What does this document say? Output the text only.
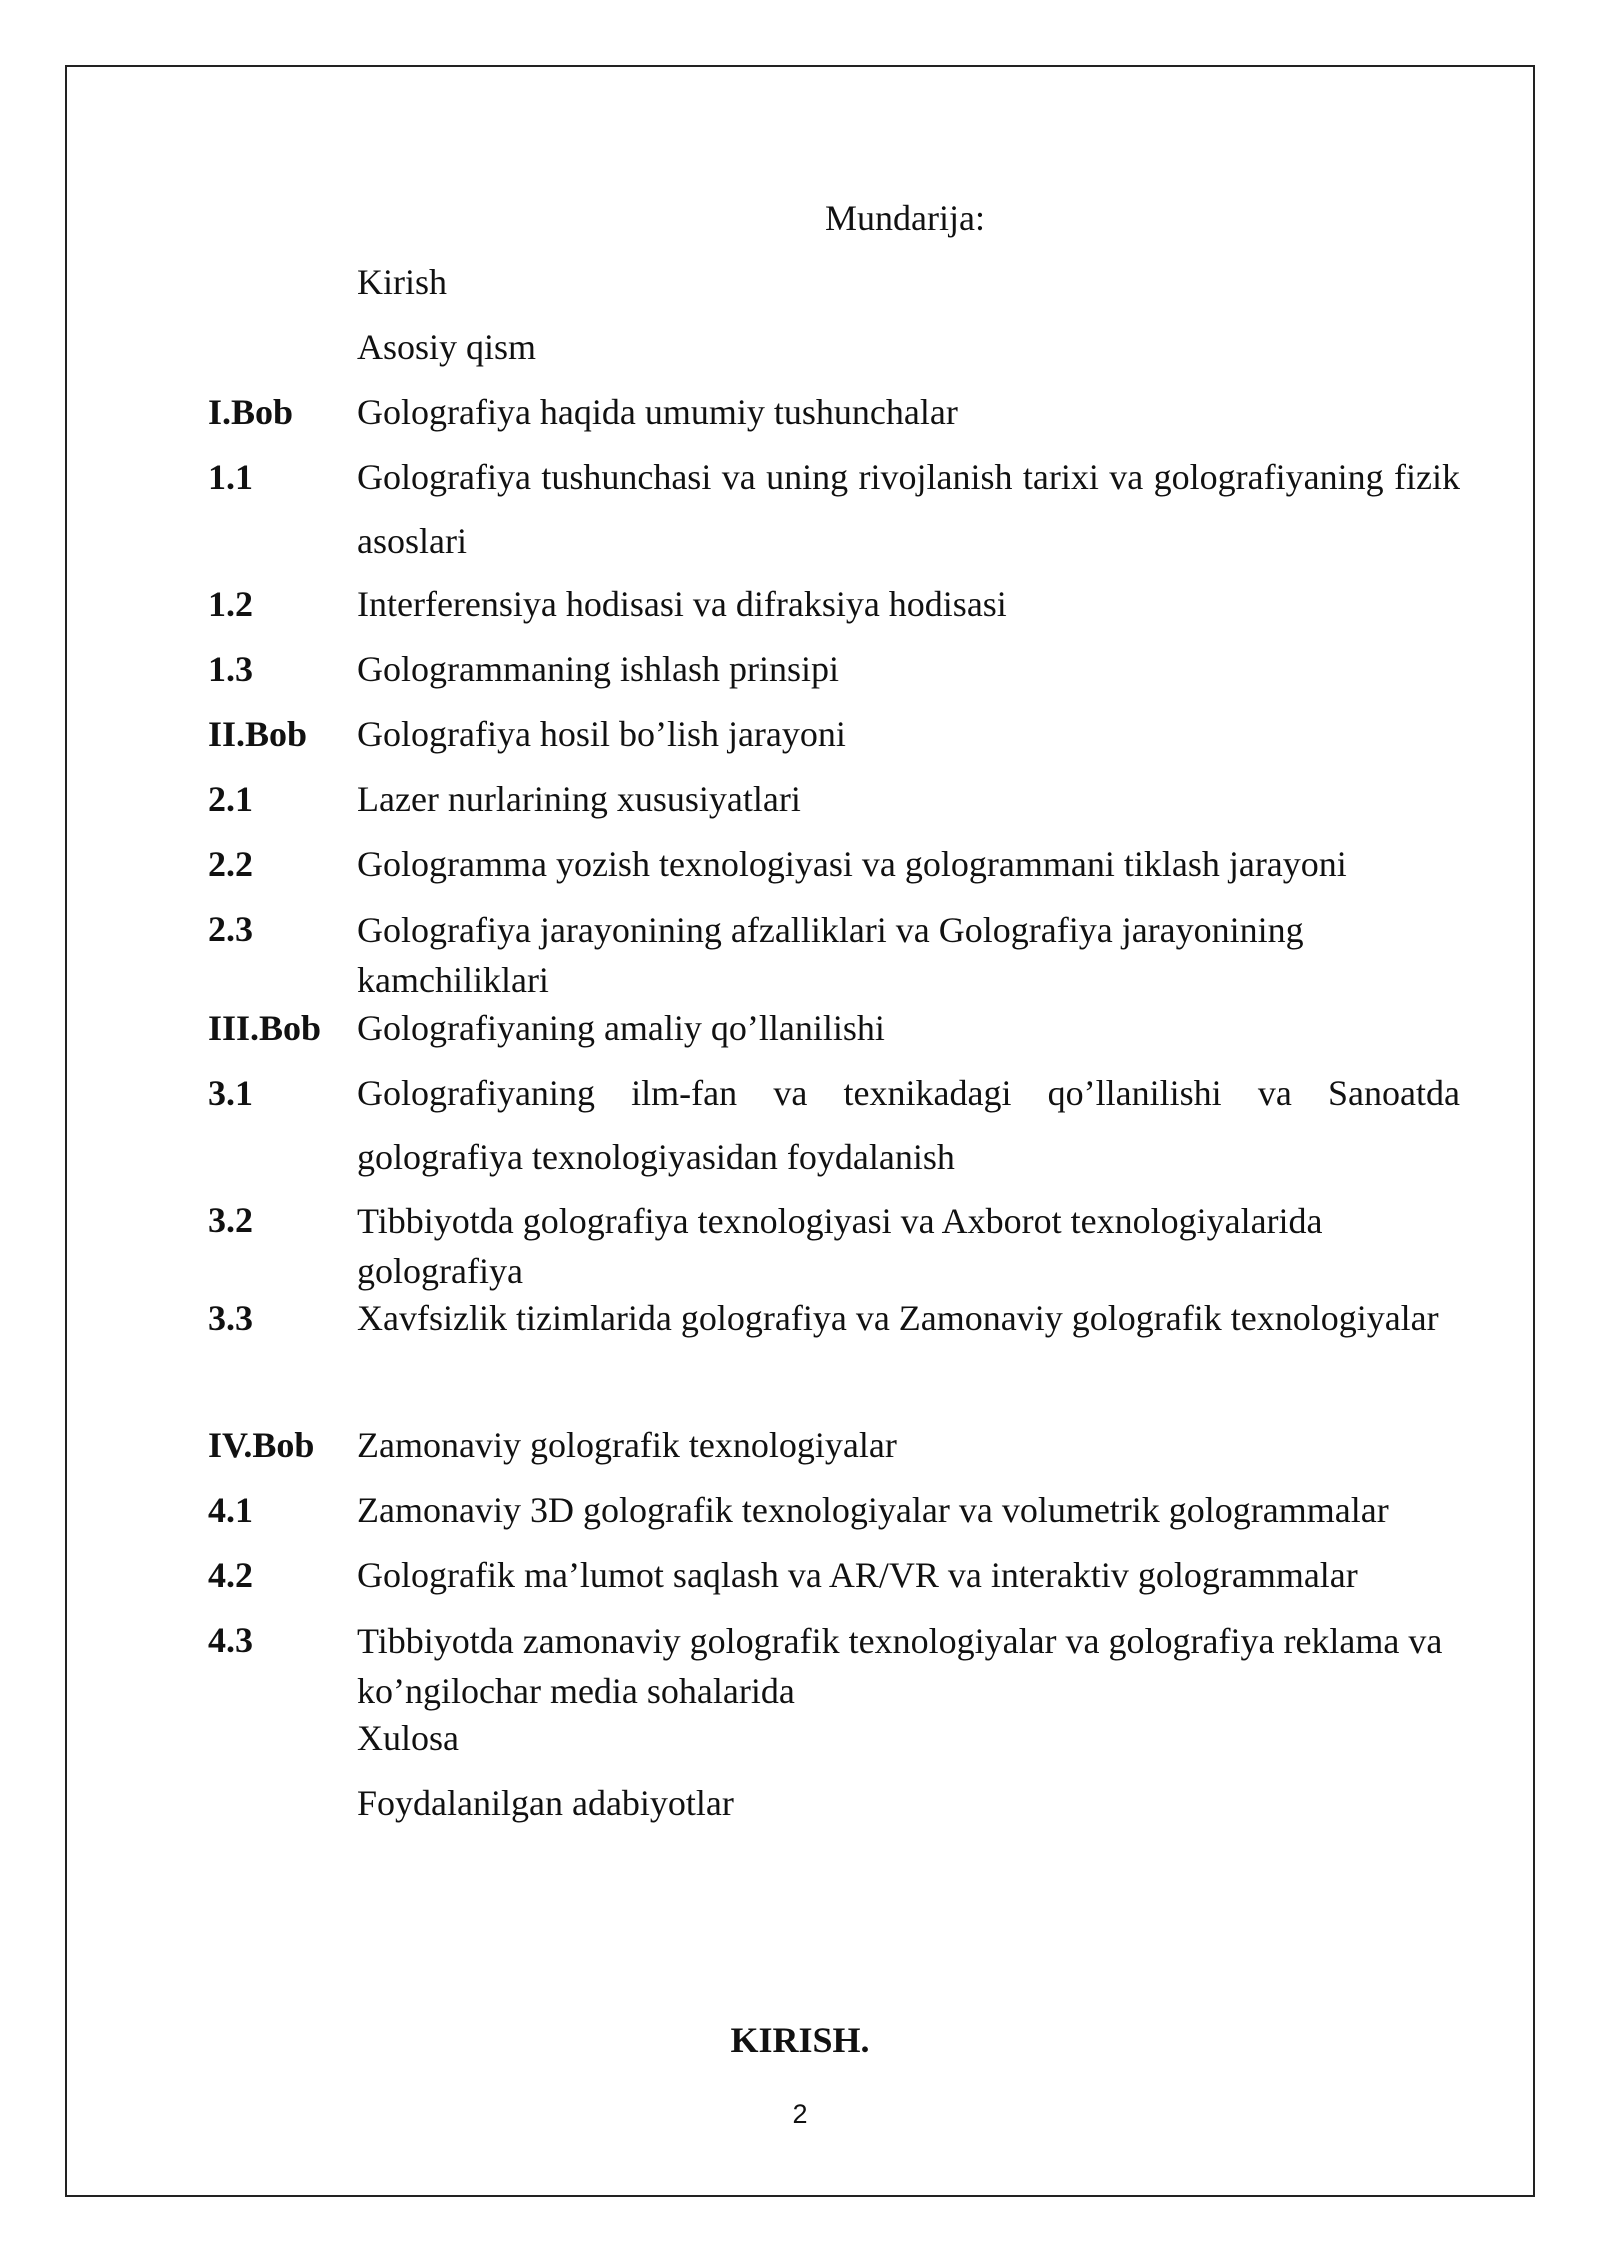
Mundarija:
Kirish
Asosiy qism
I.Bob Golografiya haqida umumiy tushunchalar
1.1	Golografiya tushunchasi va uning rivojlanish tarixi va golografiyaning fizik asoslari
1.2	Interferensiya hodisasi va difraksiya hodisasi
1.3	Gologrammaning ishlash prinsipi
II.Bob Golografiya hosil bo’lish jarayoni
2.1	Lazer nurlarining xususiyatlari
2.2	Gologramma yozish texnologiyasi va gologrammani tiklash jarayoni
2.3	Golografiya jarayonining afzalliklari va Golografiya jarayonining kamchiliklari
III.Bob Golografiyaning amaliy qo’llanilishi
3.1	Golografiyaning ilm-fan va texnikadagi qo’llanilishi va Sanoatda golografiya texnologiyasidan foydalanish
3.2	Tibbiyotda golografiya texnologiyasi va Axborot texnologiyalarida golografiya
3.3	Xavfsizlik tizimlarida golografiya va Zamonaviy golografik texnologiyalar
IV.Bob Zamonaviy golografik texnologiyalar
4.1	Zamonaviy 3D golografik texnologiyalar va volumetrik gologrammalar
4.2	Golografik ma’lumot saqlash va AR/VR va interaktiv gologrammalar
4.3	Tibbiyotda zamonaviy golografik texnologiyalar va golografiya reklama va ko’ngilochar media sohalarida
Xulosa
Foydalanilgan adabiyotlar
KIRISH.
2
